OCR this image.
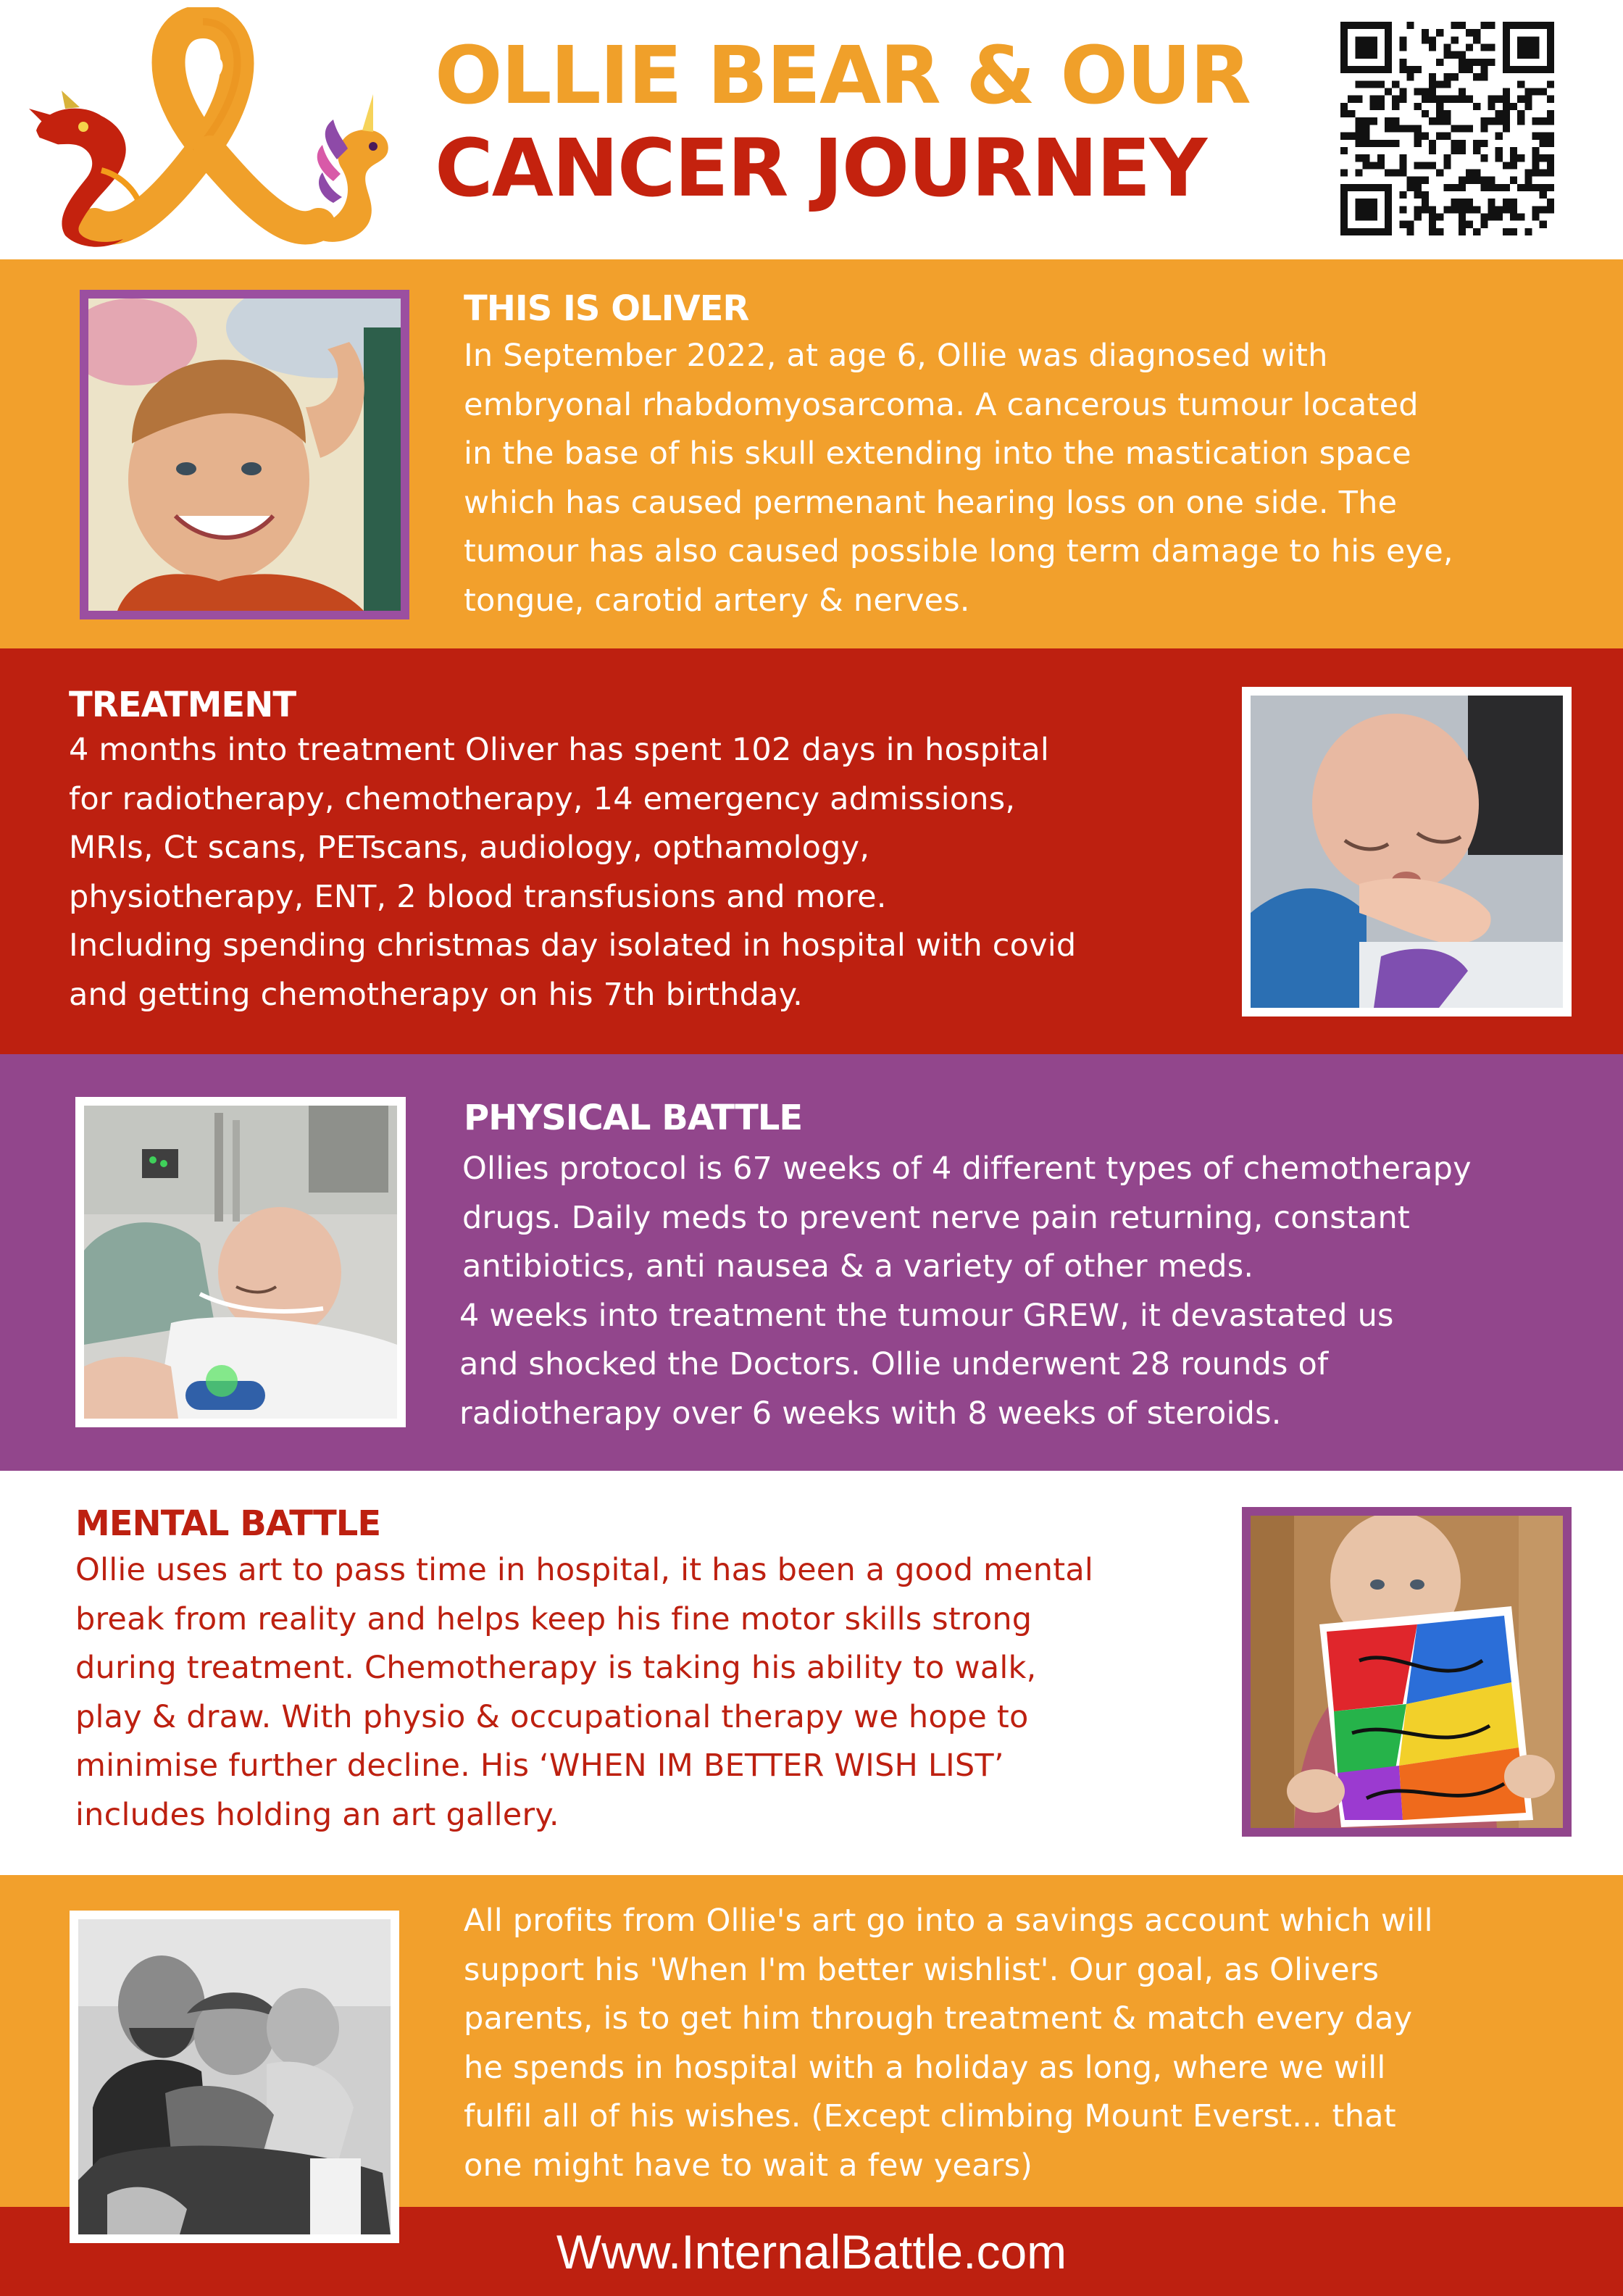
OLLIE BEAR & OUR
CANCER JOURNEY
THIS IS OLIVER
In September 2022, at age 6, Ollie was diagnosed with
embryonal rhabdomyosarcoma. A cancerous tumour located
in the base of his skull extending into the mastication space
which has caused permenant hearing loss on one side. The
tumour has also caused possible long term damage to his eye,
tongue, carotid artery & nerves.
TREATMENT
4 months into treatment Oliver has spent 102 days in hospital
for radiotherapy, chemotherapy, 14 emergency admissions,
MRIs, Ct scans, PETscans, audiology, opthamology,
physiotherapy, ENT, 2 blood transfusions and more.
Including spending christmas day isolated in hospital with covid
and getting chemotherapy on his 7th birthday.
PHYSICAL BATTLE
Ollies protocol is 67 weeks of 4 different types of chemotherapy
drugs. Daily meds to prevent nerve pain returning, constant
antibiotics, anti nausea & a variety of other meds.
4 weeks into treatment the tumour GREW, it devastated us
and shocked the Doctors. Ollie underwent 28 rounds of
radiotherapy over 6 weeks with 8 weeks of steroids.
MENTAL BATTLE
Ollie uses art to pass time in hospital, it has been a good mental
break from reality and helps keep his fine motor skills strong
during treatment. Chemotherapy is taking his ability to walk,
play & draw. With physio & occupational therapy we hope to
minimise further decline. His ‘WHEN IM BETTER WISH LIST’
includes holding an art gallery.
All profits from Ollie's art go into a savings account which will
support his 'When I'm better wishlist'. Our goal, as Olivers
parents, is to get him through treatment & match every day
he spends in hospital with a holiday as long, where we will
fulfil all of his wishes. (Except climbing Mount Everst... that
one might have to wait a few years)
Www.InternalBattle.com
